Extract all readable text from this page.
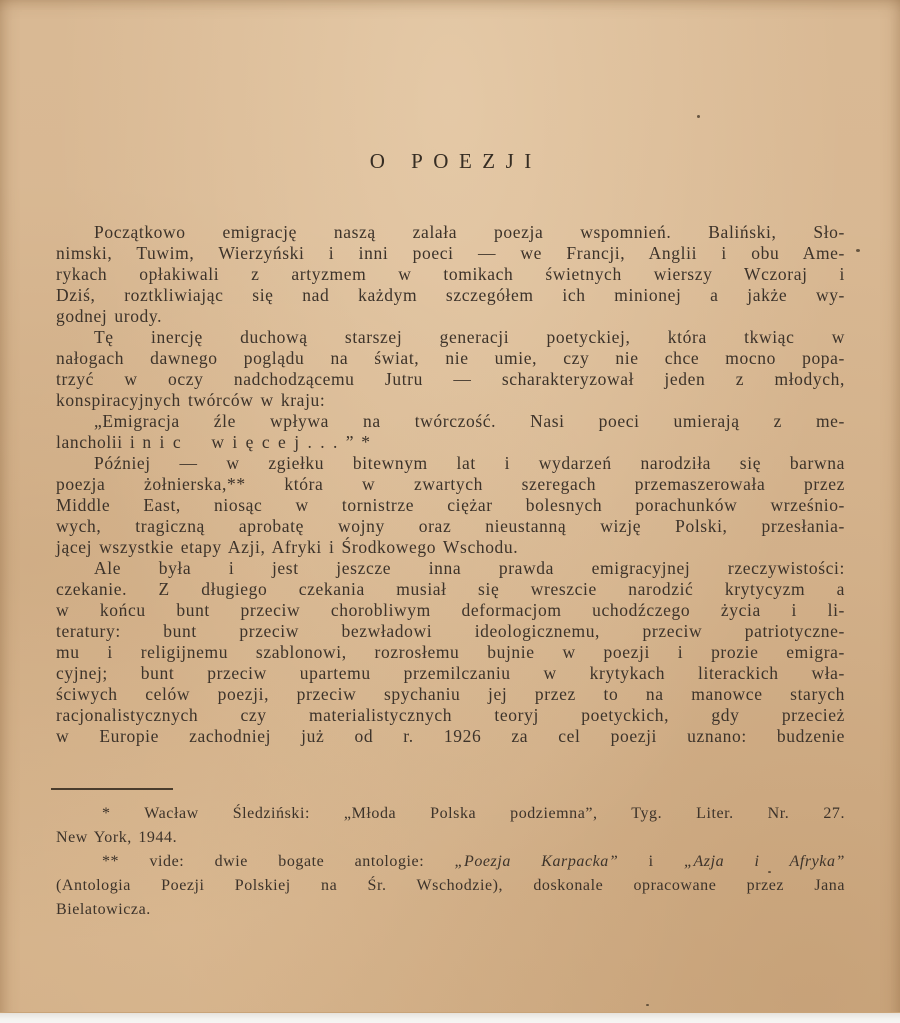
O POEZJI

Początkowo emigrację naszą zalała poezja wspomnień. Baliński, Sło-
nimski, Tuwim, Wierzyński i inni poeci — we Francji, Anglii i obu Ame-
rykach opłakiwali z artyzmem w tomikach świetnych wierszy Wczoraj i
Dziś, roztkliwiając się nad każdym szczegółem ich minionej a jakże wy-
godnej urody.

Tę inercję duchową starszej generacji poetyckiej, która tkwiąc w
nałogach dawnego poglądu na świat, nie umie, czy nie chce mocno popa-
trzyć w oczy nadchodzącemu Jutru — scharakteryzował jeden z młodych,
konspiracyjnych twórców w kraju:

„Emigracja źle wpływa na twórczość. Nasi poeci umierają z me-
lancholii i nic więcej...” *

Później — w zgiełku bitewnym lat i wydarzeń narodziła się barwna
poezja żołnierska,** która w zwartych szeregach przemaszerowała przez
Middle East, niosąc w tornistrze ciężar bolesnych porachunków wrześnio-
wych, tragiczną aprobatę wojny oraz nieustanną wizję Polski, przesłania-
jącej wszystkie etapy Azji, Afryki i Środkowego Wschodu.

Ale była i jest jeszcze inna prawda emigracyjnej rzeczywistości:
czekanie. Z długiego czekania musiał się wreszcie narodzić krytycyzm a
w końcu bunt przeciw chorobliwym deformacjom uchodźczego życia i li-
teratury: bunt przeciw bezwładowi ideologicznemu, przeciw patriotyczne-
mu i religijnemu szablonowi, rozrosłemu bujnie w poezji i prozie emigra-
cyjnej; bunt przeciw upartemu przemilczaniu w krytykach literackich wła-
ściwych celów poezji, przeciw spychaniu jej przez to na manowce starych
racjonalistycznych czy materialistycznych teoryj poetyckich, gdy przecież
w Europie zachodniej już od r. 1926 za cel poezji uznano: budzenie

* Wacław Śledziński: „Młoda Polska podziemna”, Tyg. Liter. Nr. 27.
New York, 1944.

** vide: dwie bogate antologie: „Poezja Karpacka” i „Azja i Afryka”
(Antologia Poezji Polskiej na Śr. Wschodzie), doskonale opracowane przez Jana
Bielatowicza.
